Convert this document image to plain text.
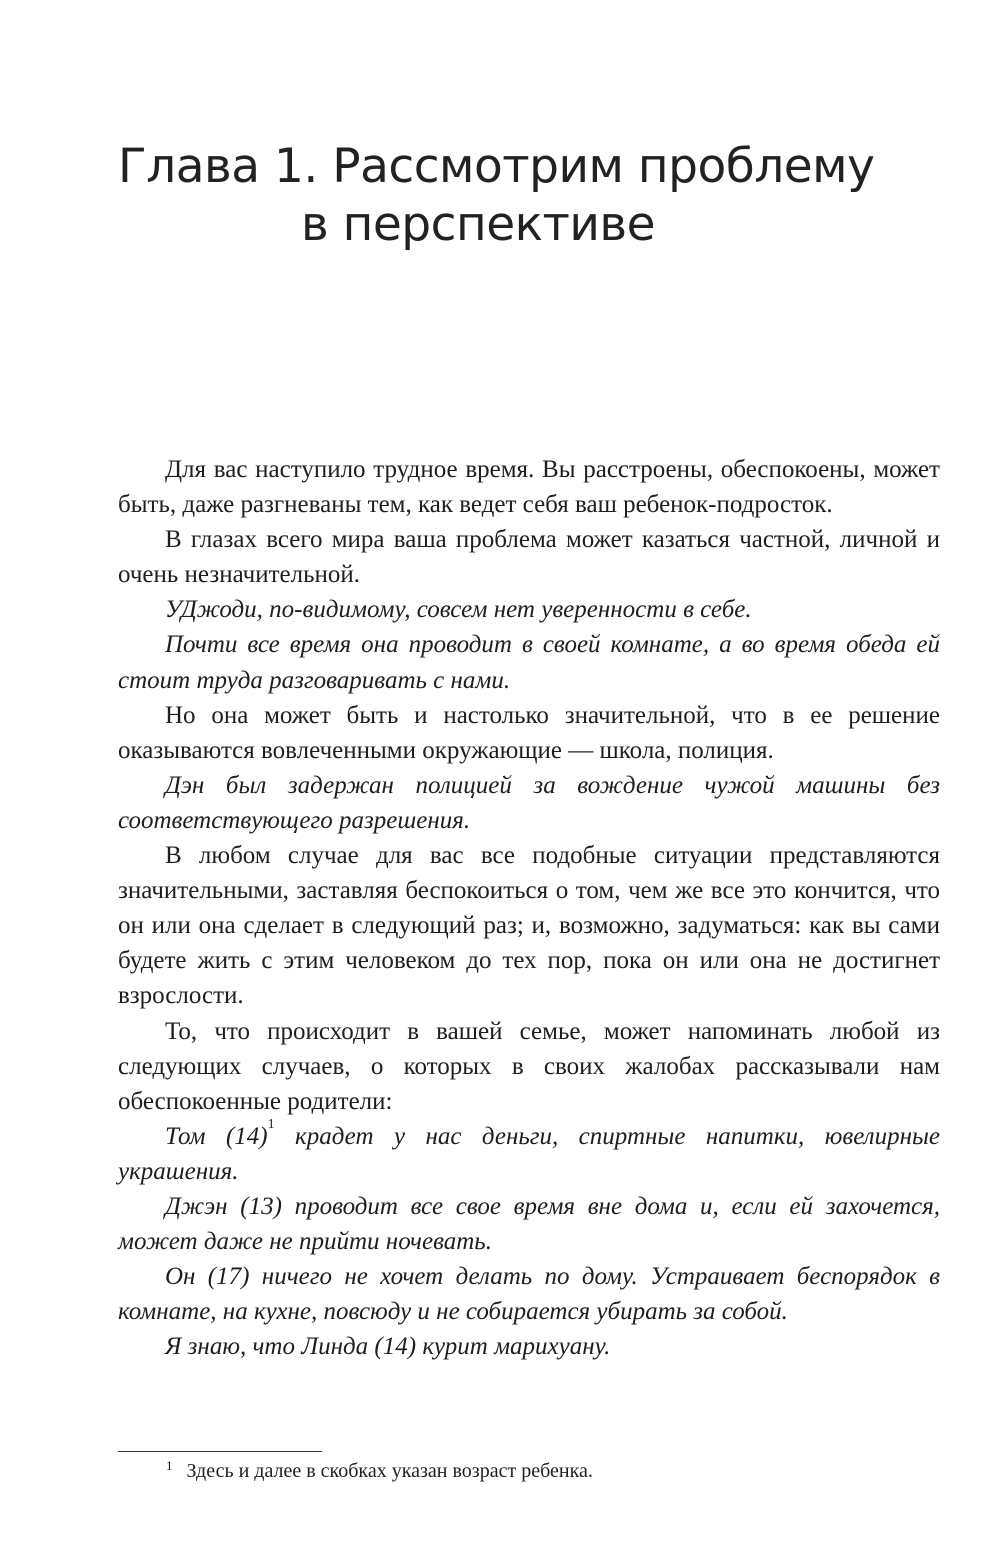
Глава 1. Рассмотрим проблему
в перспективе

Для вас наступило трудное время. Вы расстроены, обеспокоены, может быть, даже разгневаны тем, как ведет себя ваш ребенок-подросток.

В глазах всего мира ваша проблема может казаться частной, личной и очень незначительной.

УДжоди, по-видимому, совсем нет уверенности в себе.

Почти все время она проводит в своей комнате, а во время обеда ей стоит труда разговаривать с нами.

Но она может быть и настолько значительной, что в ее решение оказываются вовлеченными окружающие — школа, полиция.

Дэн был задержан полицией за вождение чужой машины без соответствующего разрешения.

В любом случае для вас все подобные ситуации представляются значительными, заставляя беспокоиться о том, чем же все это кончится, что он или она сделает в следующий раз; и, возможно, задуматься: как вы сами будете жить с этим человеком до тех пор, пока он или она не достигнет взрослости.

То, что происходит в вашей семье, может напоминать любой из следующих случаев, о которых в своих жалобах рассказывали нам обеспокоенные родители:

Том (14)$^1$ крадет у нас деньги, спиртные напитки, ювелирные украшения.

Джэн (13) проводит все свое время вне дома и, если ей захочется, может даже не прийти ночевать.

Он (17) ничего не хочет делать по дому. Устраивает беспорядок в комнате, на кухне, повсюду и не собирается убирать за собой.

Я знаю, что Линда (14) курит марихуану.

$^1$ Здесь и далее в скобках указан возраст ребенка.
